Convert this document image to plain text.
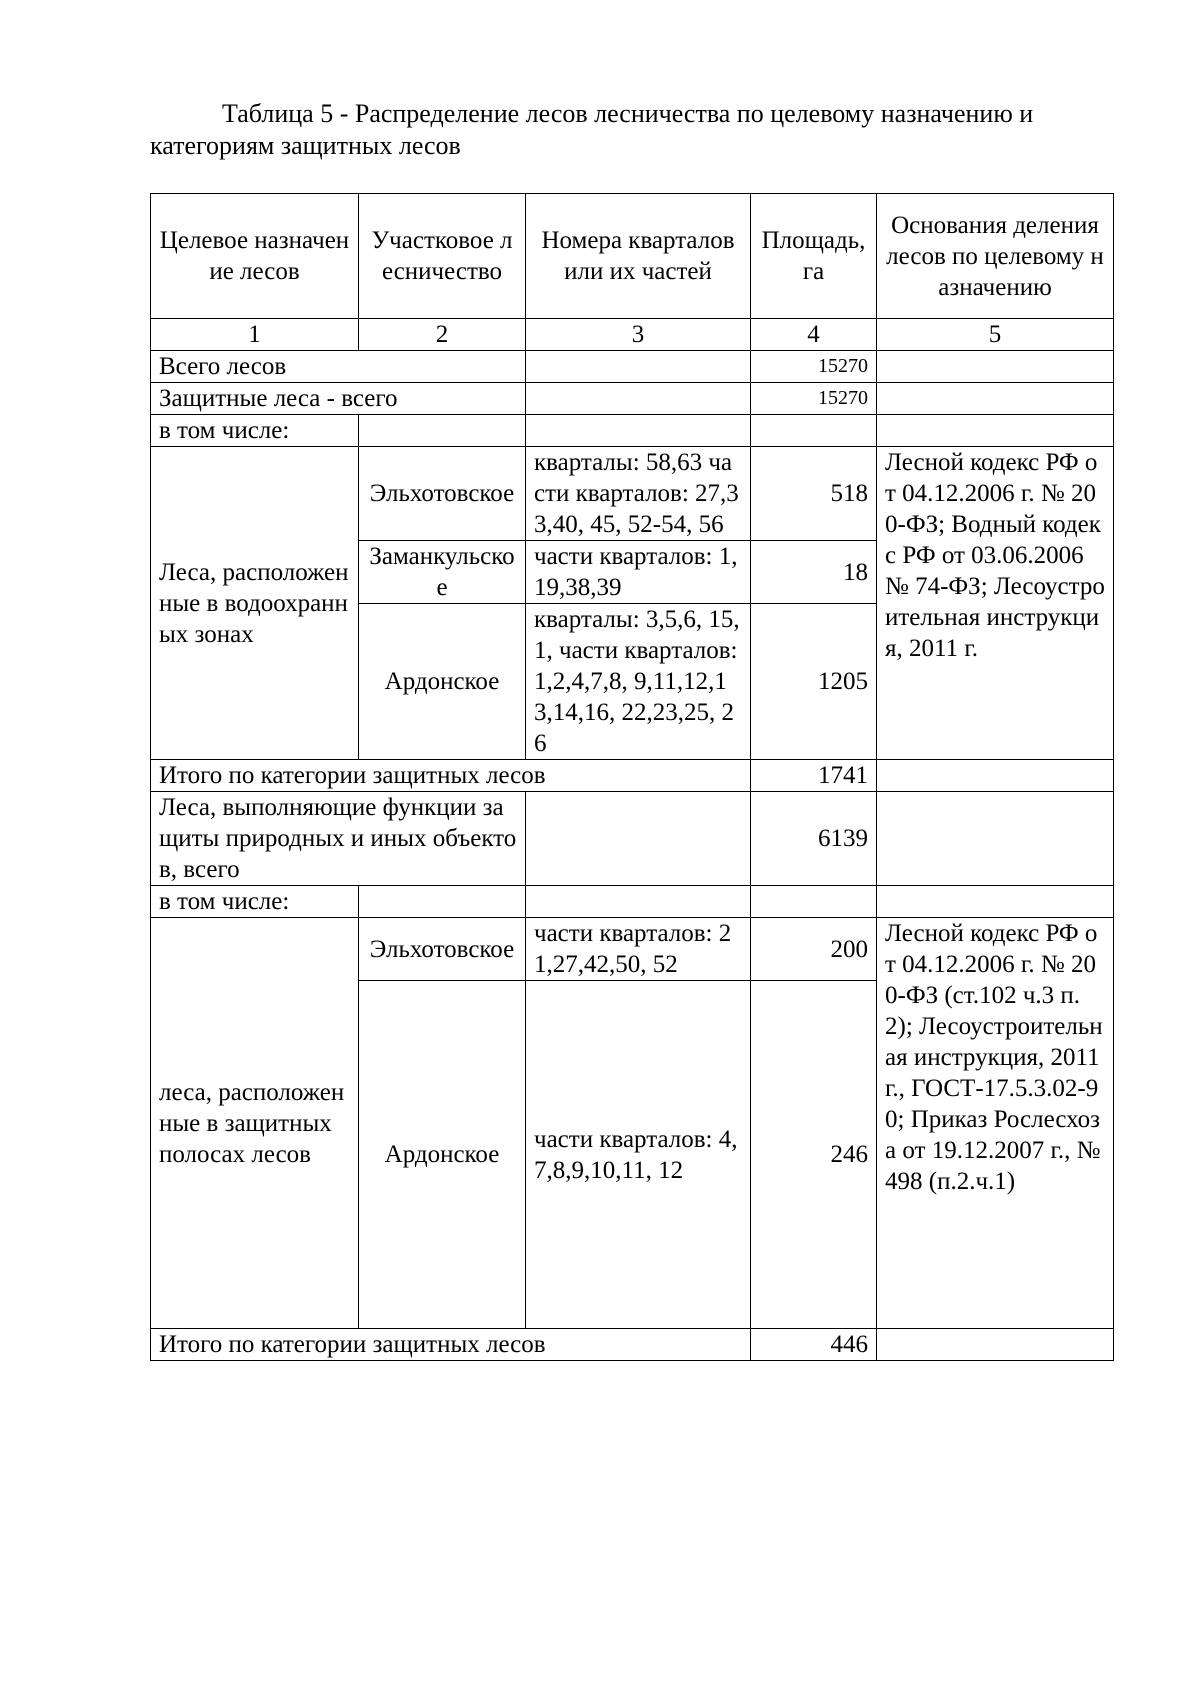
Таблица 5 - Распределение лесов лесничества по целевому назначению и категориям защитных лесов
Целевое назначение лесов	Участковое лесничество	Номера кварталов или их частей	Площадь, га	Основания деления лесов по целевому назначению
1	2	3	4	5
Всего лесов			15270	
Защитные леса - всего			15270	
в том числе:				
Леса, расположенные в водоохранных зонах	Эльхотовское	кварталы: 58,63 части кварталов: 27,33,40, 45, 52-54, 56	518	Лесной кодекс РФ от 04.12.2006 г. № 200-ФЗ; Водный кодекс РФ от 03.06.2006 № 74-ФЗ; Лесоустроительная инструкция, 2011 г.
	Заманкульское	части кварталов: 1,19,38,39	18	
	Ардонское	кварталы: 3,5,6, 15,1, части кварталов: 1,2,4,7,8, 9,11,12,13,14,16, 22,23,25, 26	1205	
Итого по категории защитных лесов			1741	
Леса, выполняющие функции защиты природных и иных объектов, всего			6139	
в том числе:				
леса, расположенные в защитных полосах лесов	Эльхотовское	части кварталов: 21,27,42,50, 52	200	Лесной кодекс РФ от 04.12.2006 г. № 200-ФЗ (ст.102 ч.3 п.2); Лесоустроительная инструкция, 2011 г., ГОСТ-17.5.3.02-90; Приказ Рослесхоза от 19.12.2007 г., № 498 (п.2.ч.1)
	Ардонское	части кварталов: 4,7,8,9,10,11, 12	246	
Итого по категории защитных лесов			446	
